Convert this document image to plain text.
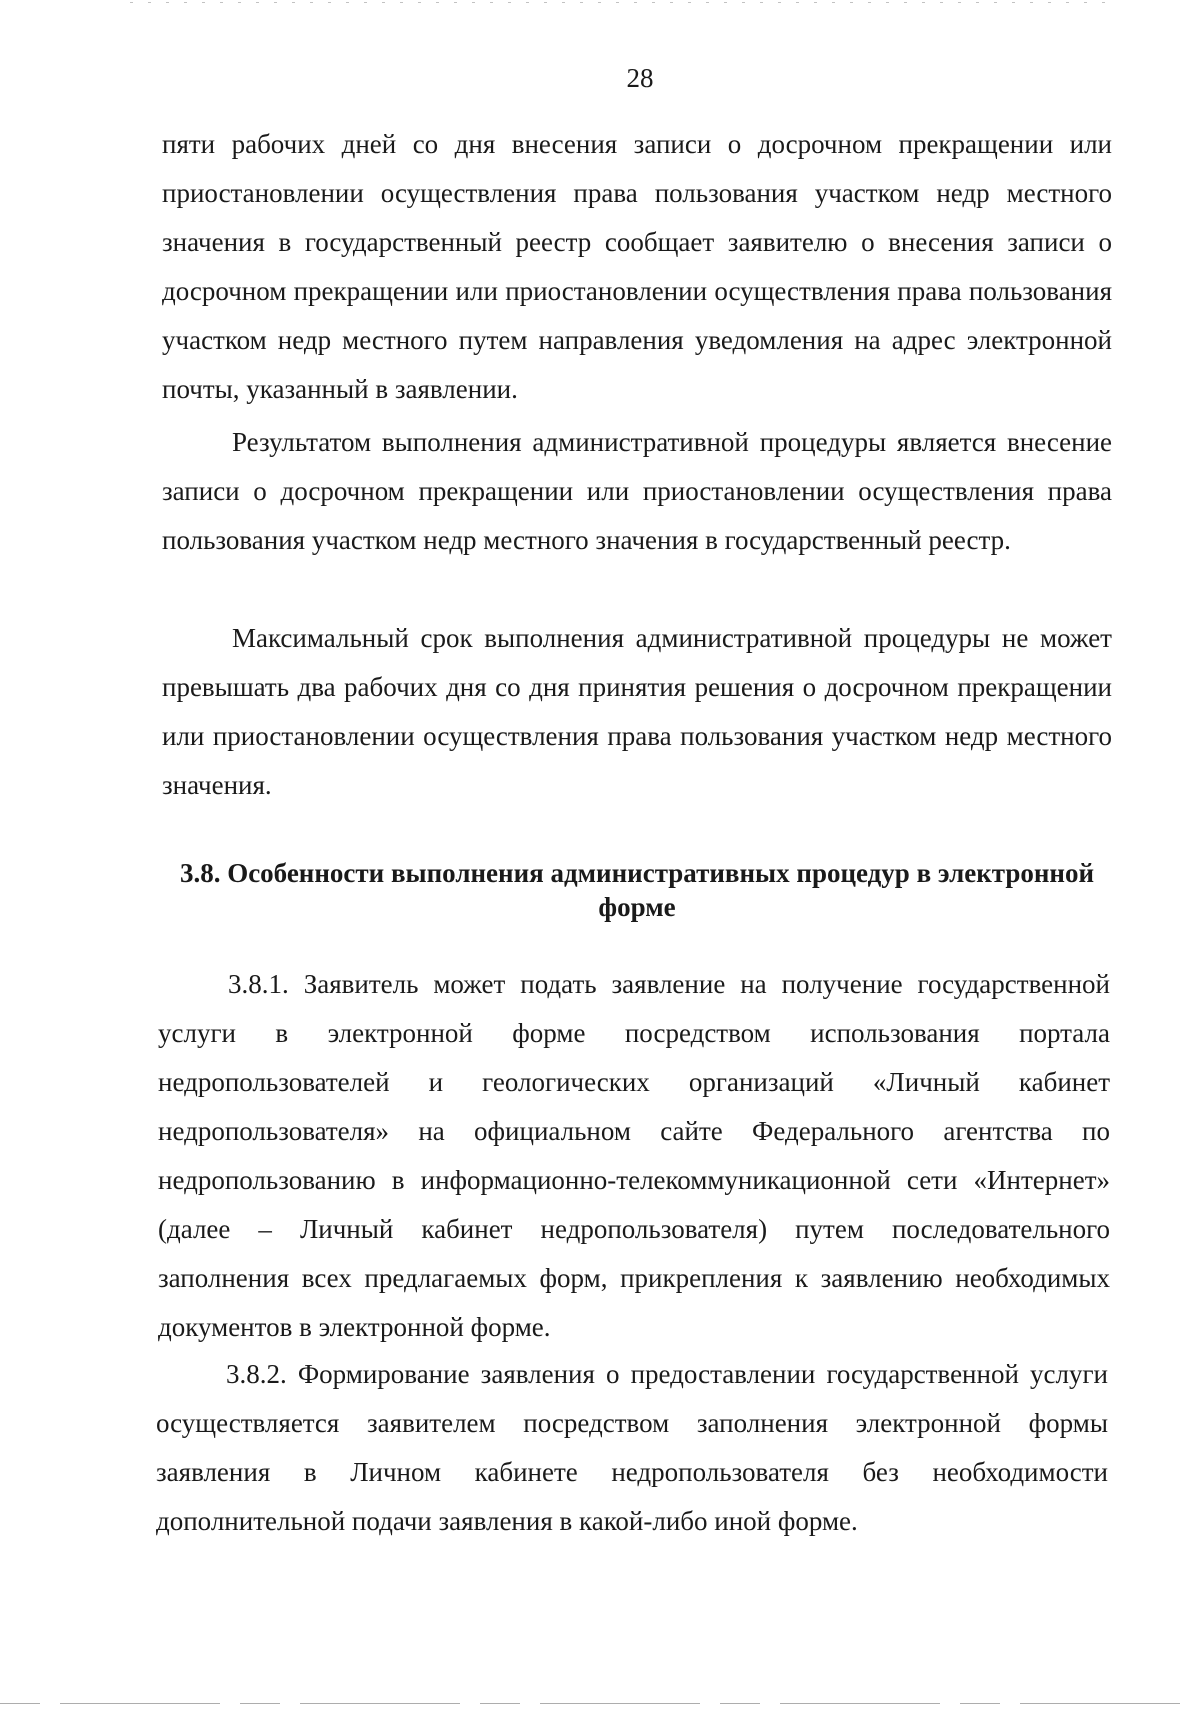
28

пяти рабочих дней со дня внесения записи о досрочном прекращении или приостановлении осуществления права пользования участком недр местного значения в государственный реестр сообщает заявителю о внесения записи о досрочном прекращении или приостановлении осуществления права пользования участком недр местного путем направления уведомления на адрес электронной почты, указанный в заявлении.

Результатом выполнения административной процедуры является внесение записи о досрочном прекращении или приостановлении осуществления права пользования участком недр местного значения в государственный реестр.

Максимальный срок выполнения административной процедуры не может превышать два рабочих дня со дня принятия решения о досрочном прекращении или приостановлении осуществления права пользования участком недр местного значения.

3.8. Особенности выполнения административных процедур в электронной форме

3.8.1. Заявитель может подать заявление на получение государственной услуги в электронной форме посредством использования портала недропользователей и геологических организаций «Личный кабинет недропользователя» на официальном сайте Федерального агентства по недропользованию в информационно-телекоммуникационной сети «Интернет» (далее – Личный кабинет недропользователя) путем последовательного заполнения всех предлагаемых форм, прикрепления к заявлению необходимых документов в электронной форме.

3.8.2. Формирование заявления о предоставлении государственной услуги осуществляется заявителем посредством заполнения электронной формы заявления в Личном кабинете недропользователя без необходимости дополнительной подачи заявления в какой-либо иной форме.
